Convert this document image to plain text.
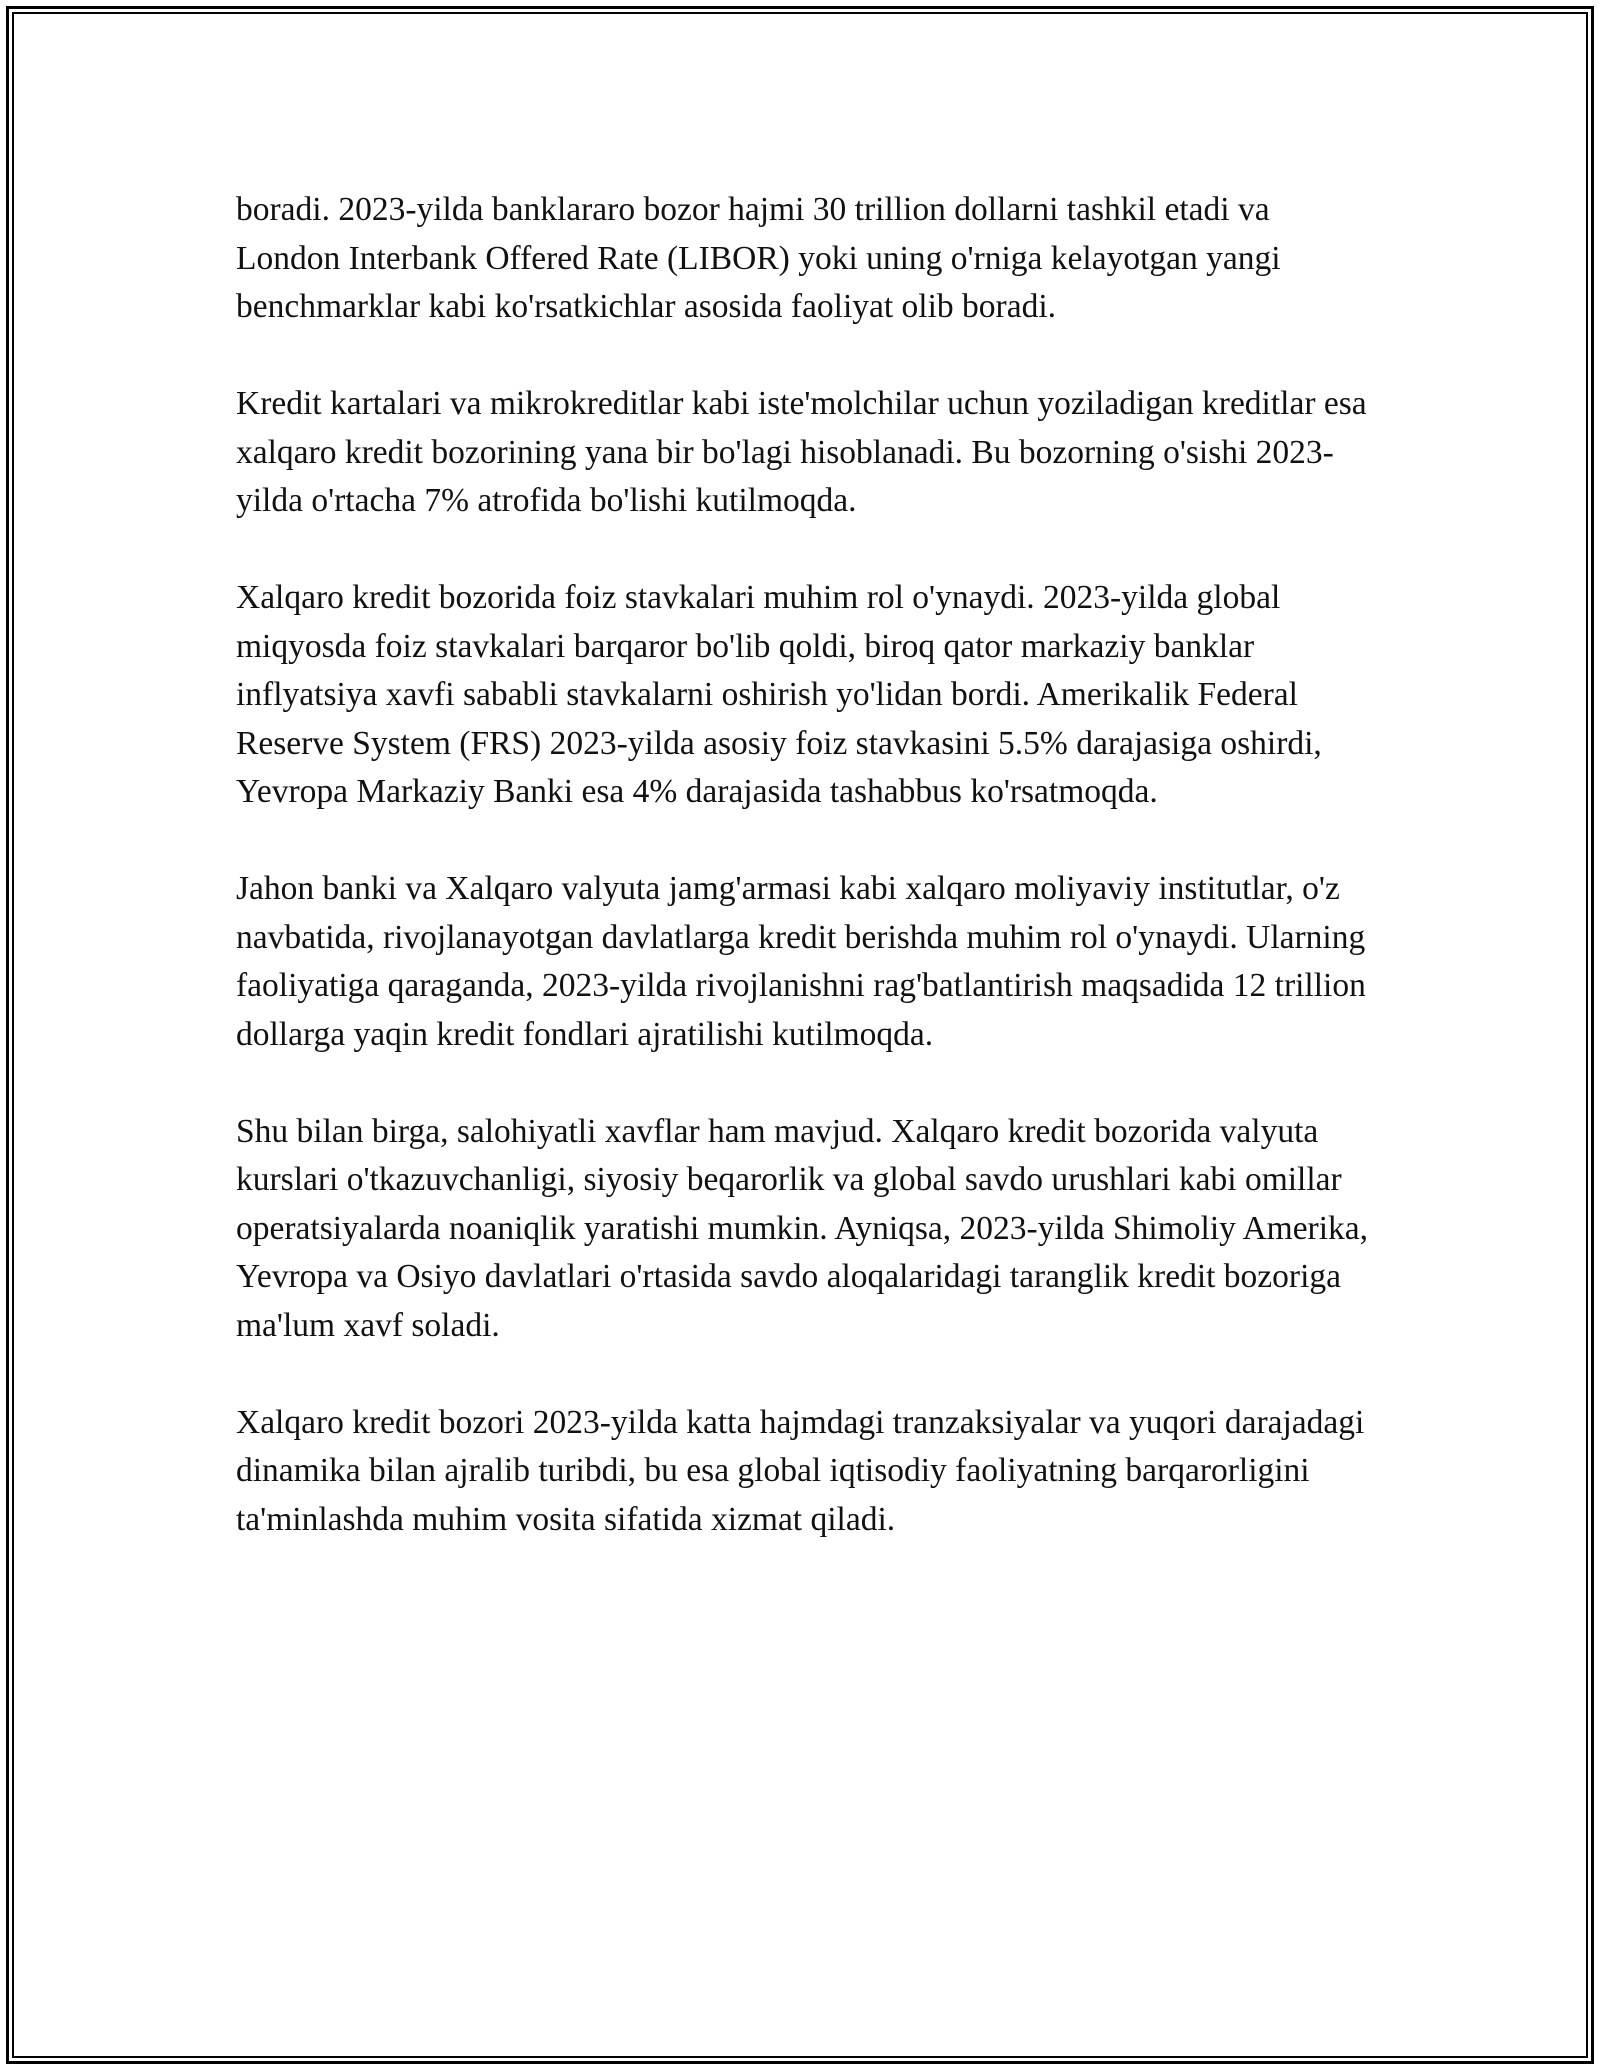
boradi. 2023-yilda banklararo bozor hajmi 30 trillion dollarni tashkil etadi va London Interbank Offered Rate (LIBOR) yoki uning o'rniga kelayotgan yangi benchmarklar kabi ko'rsatkichlar asosida faoliyat olib boradi.

Kredit kartalari va mikrokreditlar kabi iste'molchilar uchun yoziladigan kreditlar esa xalqaro kredit bozorining yana bir bo'lagi hisoblanadi. Bu bozorning o'sishi 2023-yilda o'rtacha 7% atrofida bo'lishi kutilmoqda.

Xalqaro kredit bozorida foiz stavkalari muhim rol o'ynaydi. 2023-yilda global miqyosda foiz stavkalari barqaror bo'lib qoldi, biroq qator markaziy banklar inflyatsiya xavfi sababli stavkalarni oshirish yo'lidan bordi. Amerikalik Federal Reserve System (FRS) 2023-yilda asosiy foiz stavkasini 5.5% darajasiga oshirdi, Yevropa Markaziy Banki esa 4% darajasida tashabbus ko'rsatmoqda.

Jahon banki va Xalqaro valyuta jamg'armasi kabi xalqaro moliyaviy institutlar, o'z navbatida, rivojlanayotgan davlatlarga kredit berishda muhim rol o'ynaydi. Ularning faoliyatiga qaraganda, 2023-yilda rivojlanishni rag'batlantirish maqsadida 12 trillion dollarga yaqin kredit fondlari ajratilishi kutilmoqda.

Shu bilan birga, salohiyatli xavflar ham mavjud. Xalqaro kredit bozorida valyuta kurslari o'tkazuvchanligi, siyosiy beqarorlik va global savdo urushlari kabi omillar operatsiyalarda noaniqlik yaratishi mumkin. Ayniqsa, 2023-yilda Shimoliy Amerika, Yevropa va Osiyo davlatlari o'rtasida savdo aloqalaridagi taranglik kredit bozoriga ma'lum xavf soladi.

Xalqaro kredit bozori 2023-yilda katta hajmdagi tranzaksiyalar va yuqori darajadagi dinamika bilan ajralib turibdi, bu esa global iqtisodiy faoliyatning barqarorligini ta'minlashda muhim vosita sifatida xizmat qiladi.
